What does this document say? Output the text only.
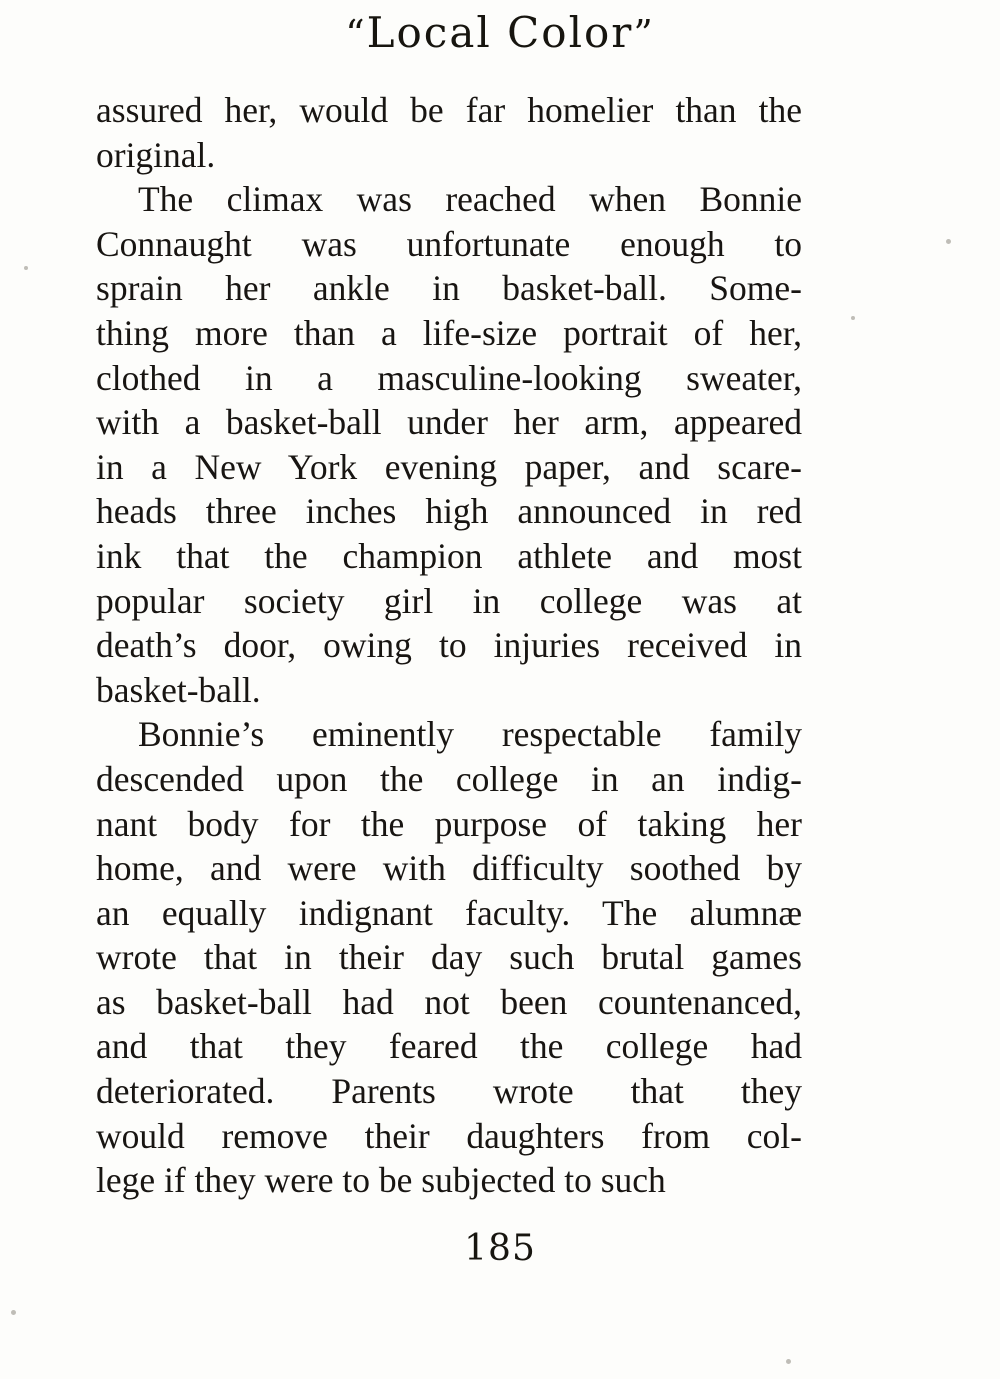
“Local Color”

assured her, would be far homelier than the
original.

The climax was reached when Bonnie
Connaught was unfortunate enough to
sprain her ankle in basket-ball. Some-
thing more than a life-size portrait of her,
clothed in a masculine-looking sweater,
with a basket-ball under her arm, appeared
in a New York evening paper, and scare-
heads three inches high announced in red
ink that the champion athlete and most
popular society girl in college was at
death’s door, owing to injuries received in
basket-ball.

Bonnie’s eminently respectable family
descended upon the college in an indig-
nant body for the purpose of taking her
home, and were with difficulty soothed by
an equally indignant faculty. The alumnæ
wrote that in their day such brutal games
as basket-ball had not been countenanced,
and that they feared the college had
deteriorated. Parents wrote that they
would remove their daughters from col-
lege if they were to be subjected to such

185
